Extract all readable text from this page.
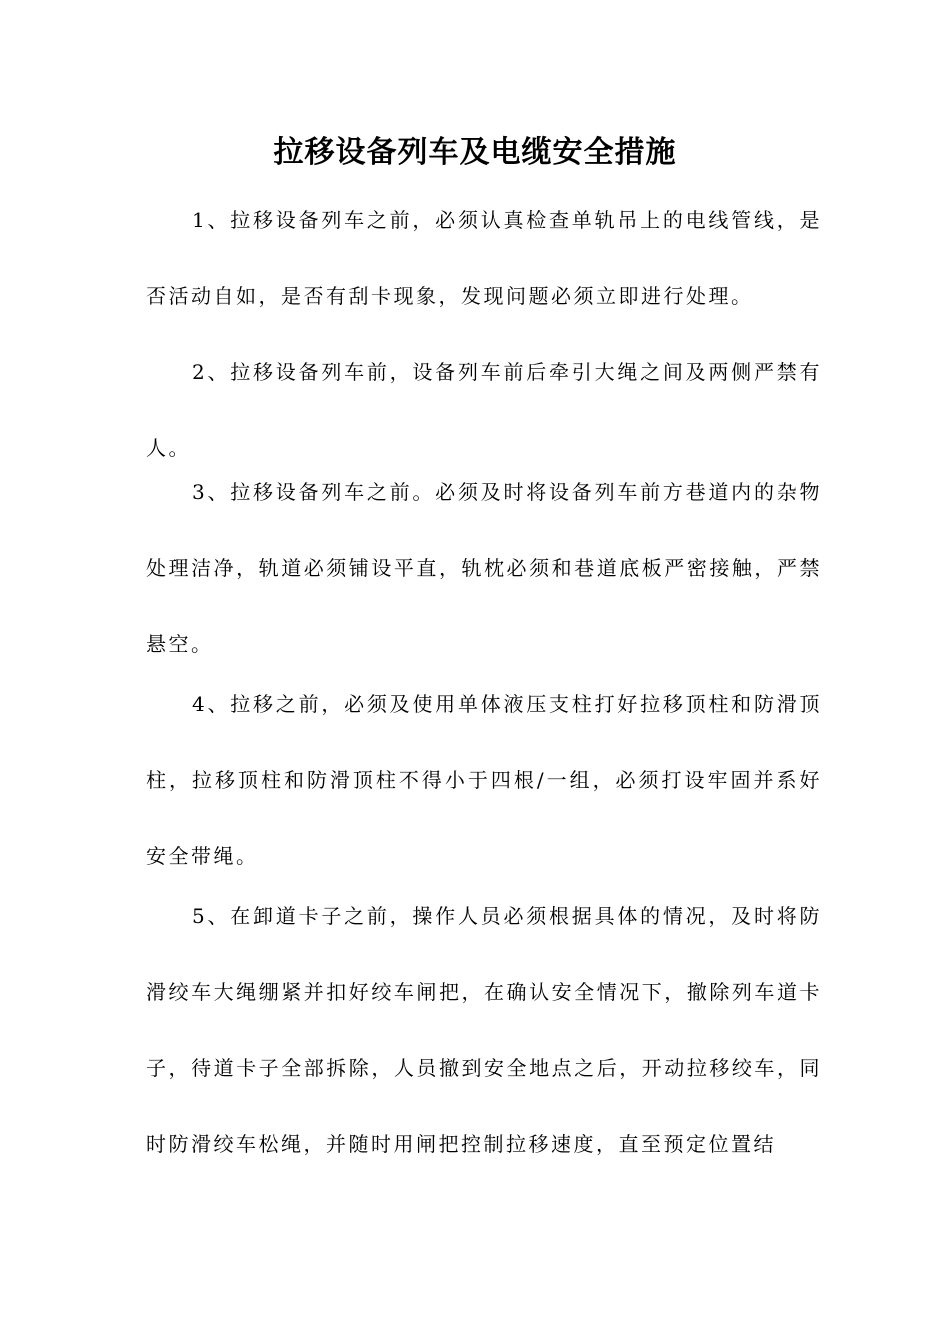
拉移设备列车及电缆安全措施

1、拉移设备列车之前，必须认真检查单轨吊上的电线管线，是否活动自如，是否有刮卡现象，发现问题必须立即进行处理。

2、拉移设备列车前，设备列车前后牵引大绳之间及两侧严禁有人。

3、拉移设备列车之前。必须及时将设备列车前方巷道内的杂物处理洁净，轨道必须铺设平直，轨枕必须和巷道底板严密接触，严禁悬空。

4、拉移之前，必须及使用单体液压支柱打好拉移顶柱和防滑顶柱，拉移顶柱和防滑顶柱不得小于四根/一组，必须打设牢固并系好安全带绳。

5、在卸道卡子之前，操作人员必须根据具体的情况，及时将防滑绞车大绳绷紧并扣好绞车闸把，在确认安全情况下，撤除列车道卡子，待道卡子全部拆除，人员撤到安全地点之后，开动拉移绞车，同时防滑绞车松绳，并随时用闸把控制拉移速度，直至预定位置结
